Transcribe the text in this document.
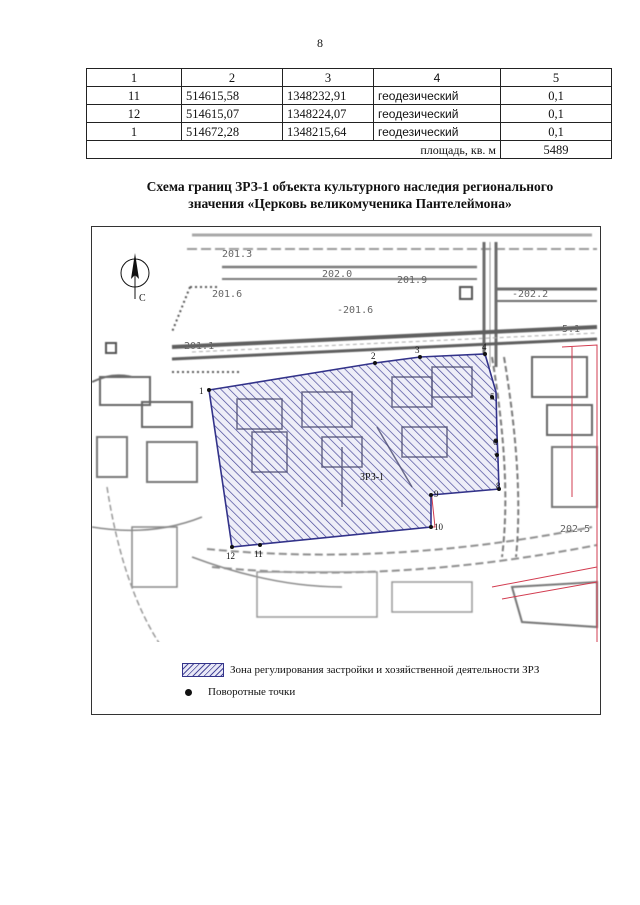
8
1	2	3	4	5
11	514615,58	1348232,91	геодезический	0,1
12	514615,07	1348224,07	геодезический	0,1
1	514672,28	1348215,64	геодезический	0,1
площадь, кв. м				5489
Схема границ ЗРЗ-1 объекта культурного наследия регионального
значения «Церковь великомученика Пантелеймона»
1
2
3	4
5
6
7
8
9
10
11
12
ЗРЗ-1
201.3
202.0
201.9
-202.2
201.6
-201.6
201.1
5.1
202.5
С
Зона регулирования застройки и хозяйственной деятельности ЗРЗ
Поворотные точки
